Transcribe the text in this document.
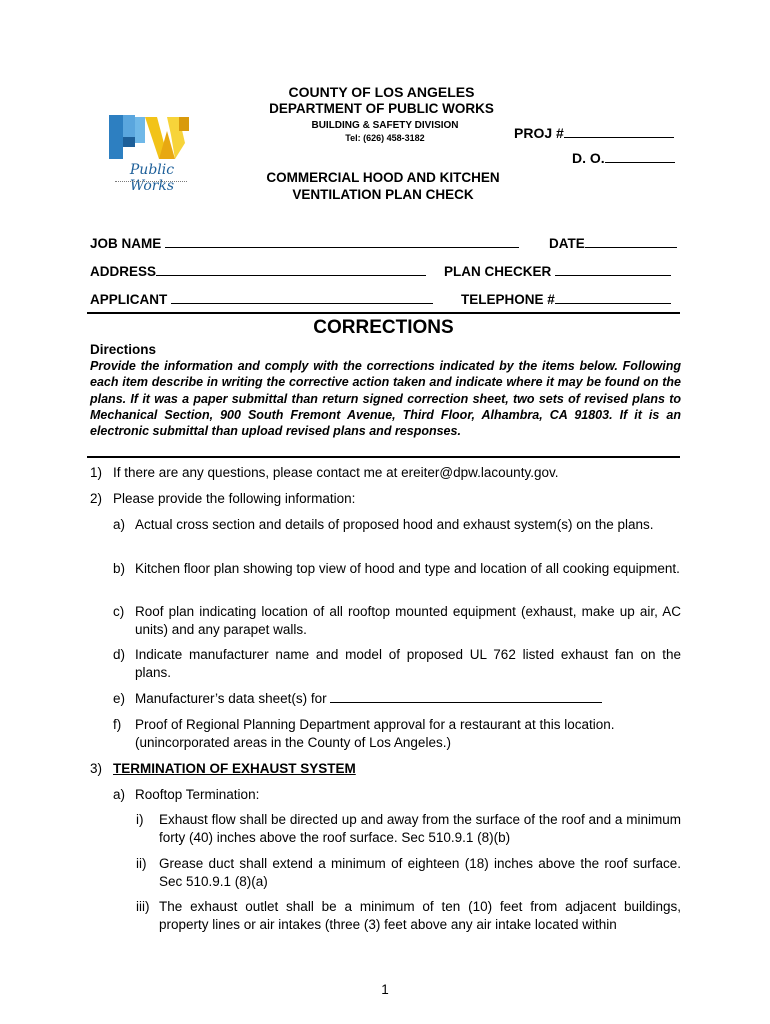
Public Works
COUNTY OF LOS ANGELES
DEPARTMENT OF PUBLIC WORKS
BUILDING & SAFETY DIVISION
Tel: (626) 458-3182	PROJ #
D. O.
COMMERCIAL HOOD AND KITCHEN
VENTILATION PLAN CHECK
JOB NAME	DATE
ADDRESS	PLAN CHECKER
APPLICANT	TELEPHONE #
CORRECTIONS
Directions
Provide the information and comply with the corrections indicated by the items below. Following each item describe in writing the corrective action taken and indicate where it may be found on the plans. If it was a paper submittal than return signed correction sheet, two sets of revised plans to Mechanical Section, 900 South Fremont Avenue, Third Floor, Alhambra, CA 91803. If it is an electronic submittal than upload revised plans and responses.
1) If there are any questions, please contact me at ereiter@dpw.lacounty.gov.
2) Please provide the following information:
a) Actual cross section and details of proposed hood and exhaust system(s) on the plans.
b) Kitchen floor plan showing top view of hood and type and location of all cooking equipment.
c) Roof plan indicating location of all rooftop mounted equipment (exhaust, make up air, AC units) and any parapet walls.
d) Indicate manufacturer name and model of proposed UL 762 listed exhaust fan on the plans.
e) Manufacturer’s data sheet(s) for
f) Proof of Regional Planning Department approval for a restaurant at this location. (unincorporated areas in the County of Los Angeles.)
3) TERMINATION OF EXHAUST SYSTEM
a) Rooftop Termination:
i) Exhaust flow shall be directed up and away from the surface of the roof and a minimum forty (40) inches above the roof surface. Sec 510.9.1 (8)(b)
ii) Grease duct shall extend a minimum of eighteen (18) inches above the roof surface. Sec 510.9.1 (8)(a)
iii) The exhaust outlet shall be a minimum of ten (10) feet from adjacent buildings, property lines or air intakes (three (3) feet above any air intake located within
1
